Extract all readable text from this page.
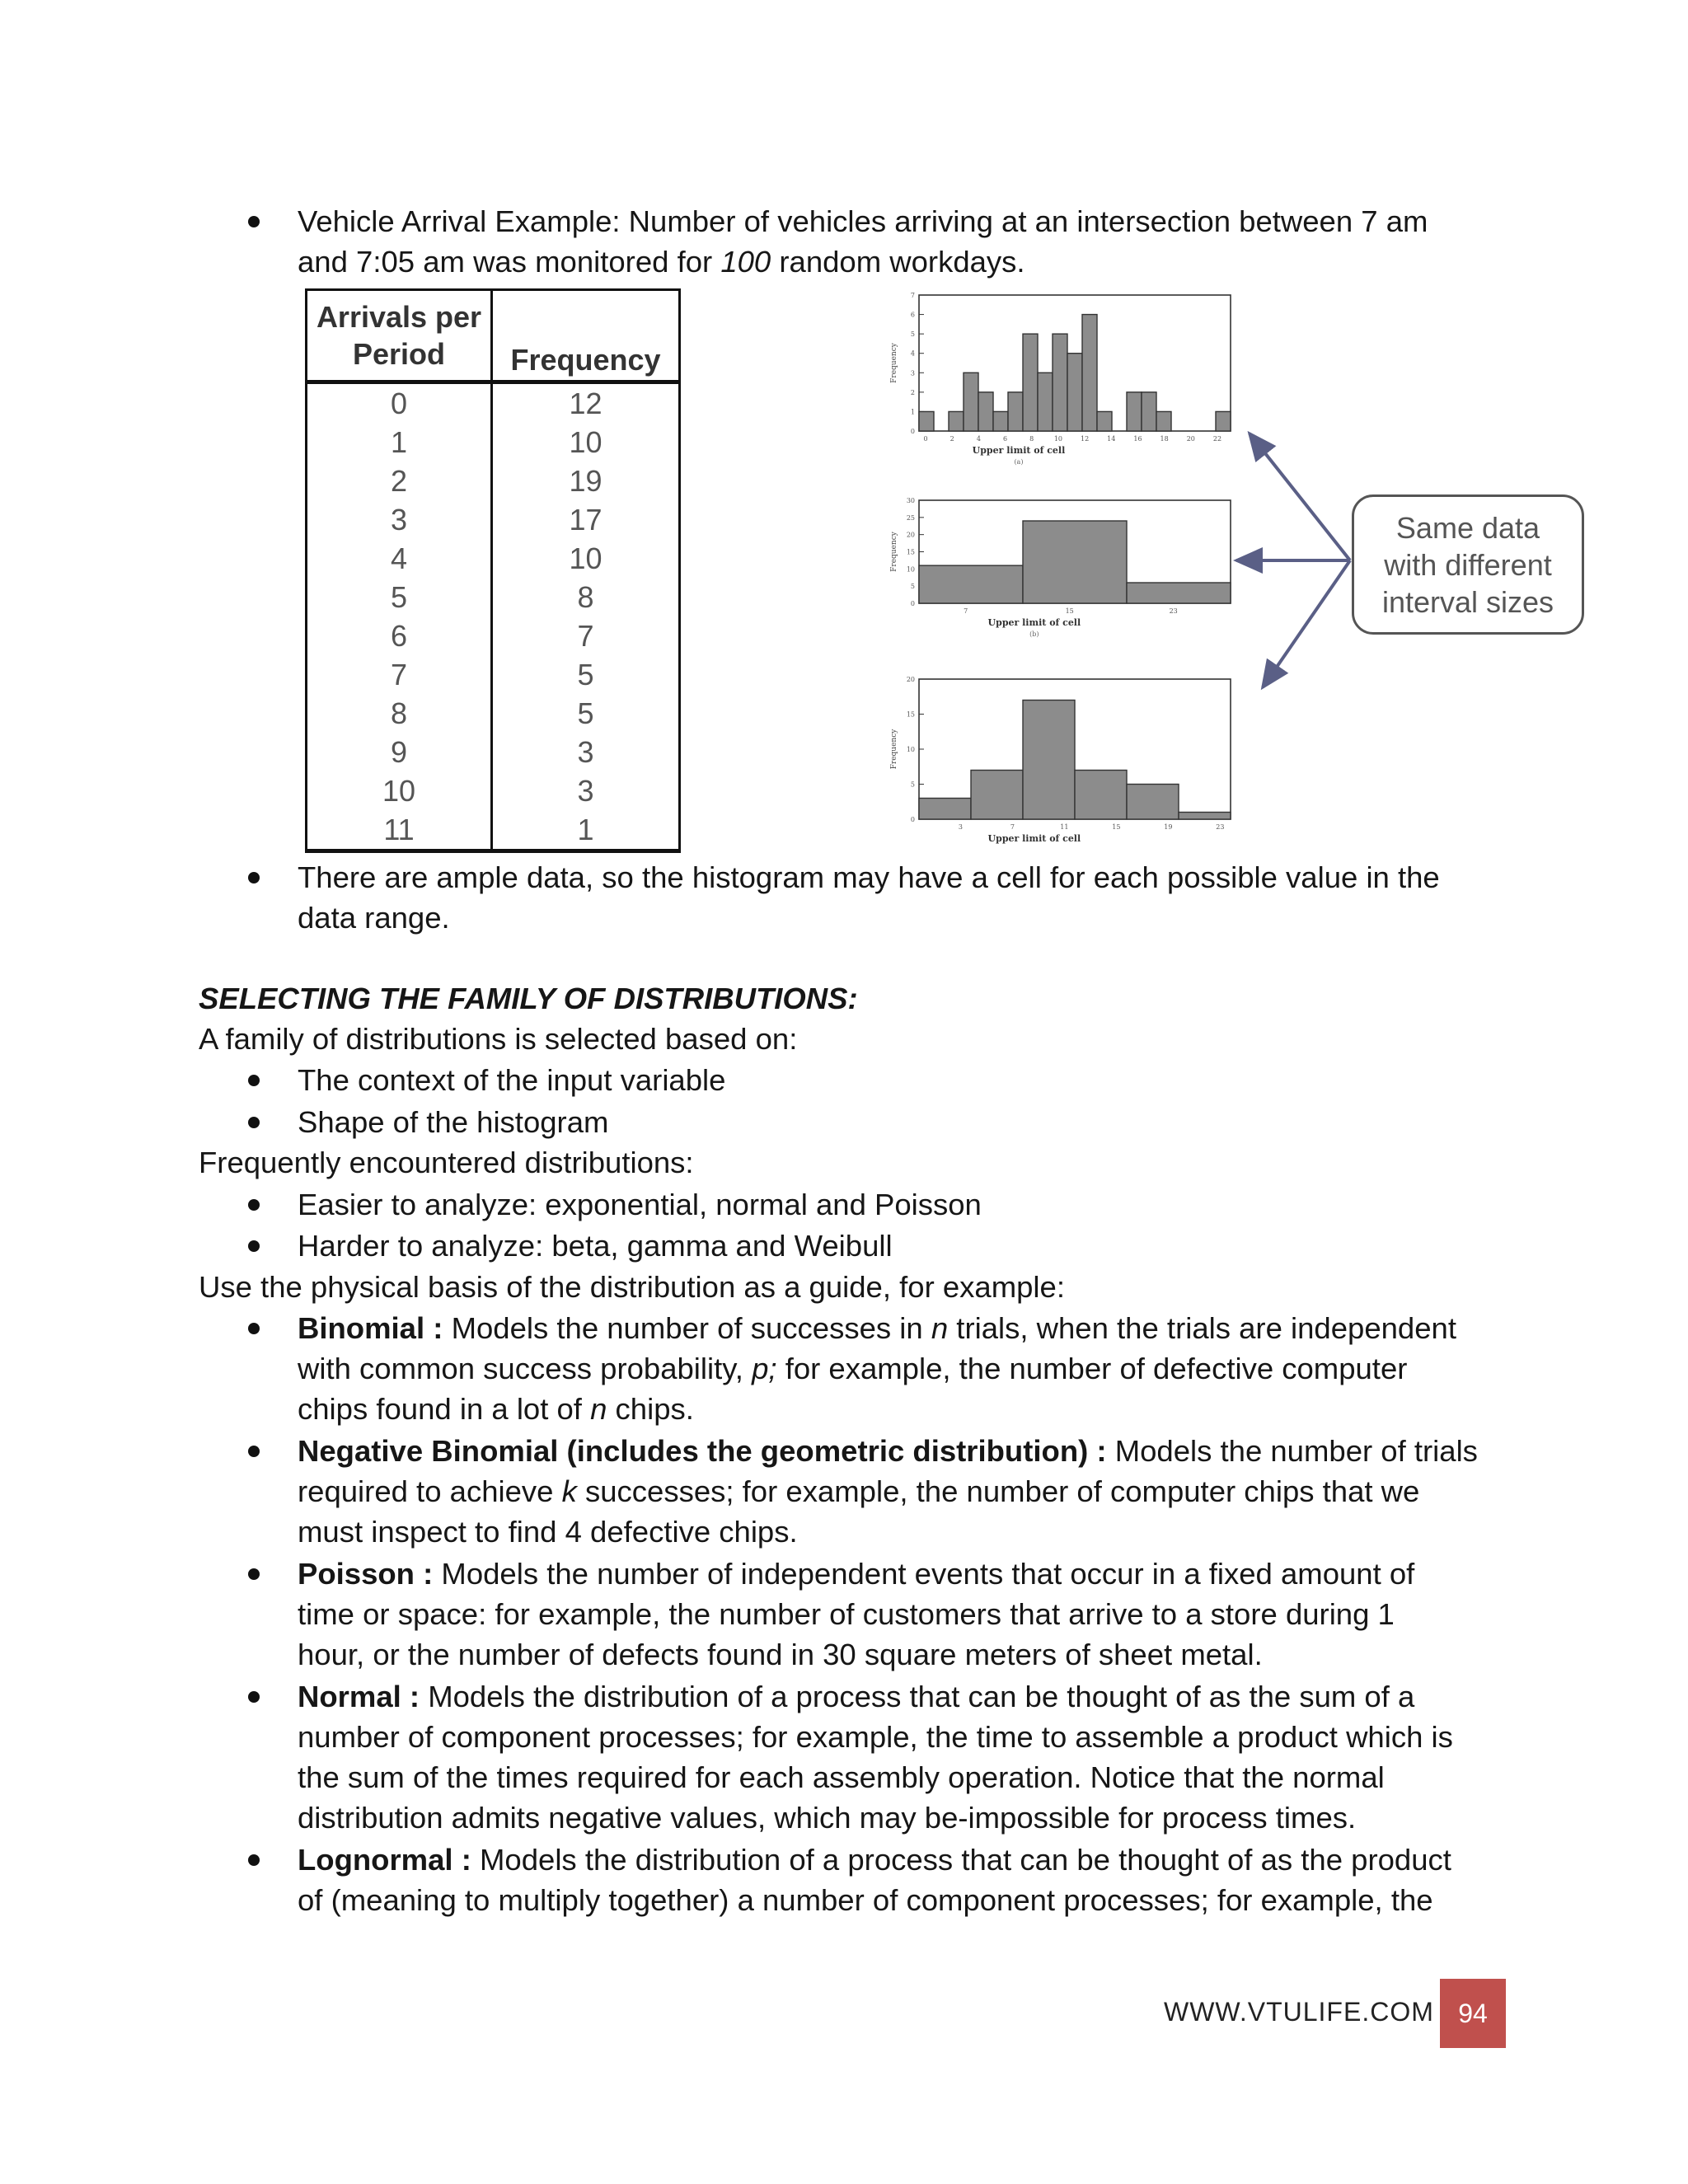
Vehicle Arrival Example: Number of vehicles arriving at an intersection between 7 am
and 7:05 am was monitored for 100 random workdays.
Arrivals per
Period	Frequency
0	12
1	10
2	19
3	17
4	10
5	8
6	7
7	5
8	5
9	3
10	3
11	1
0
1
2
3
4
5
6
7
0	2	4	6	8	10	12	14	16	18	20	22
Upper limit of cell
(a)
Frequency
0
5
10
15
20
25
30
7	15	23
Upper limit of cell
(b)
Frequency
0
5
10
15
20
3	7	11	15	19	23
Upper limit of cell
Frequency
Same data
with different
interval sizes
There are ample data, so the histogram may have a cell for each possible value in the
data range.
SELECTING THE FAMILY OF DISTRIBUTIONS:
A family of distributions is selected based on:
The context of the input variable
Shape of the histogram
Frequently encountered distributions:
Easier to analyze: exponential, normal and Poisson
Harder to analyze: beta, gamma and Weibull
Use the physical basis of the distribution as a guide, for example:
Binomial : Models the number of successes in n trials, when the trials are independent
with common success probability, p; for example, the number of defective computer
chips found in a lot of n chips.
Negative Binomial (includes the geometric distribution) : Models the number of trials
required to achieve k successes; for example, the number of computer chips that we
must inspect to find 4 defective chips.
Poisson : Models the number of independent events that occur in a fixed amount of
time or space: for example, the number of customers that arrive to a store during 1
hour, or the number of defects found in 30 square meters of sheet metal.
Normal : Models the distribution of a process that can be thought of as the sum of a
number of component processes; for example, the time to assemble a product which is
the sum of the times required for each assembly operation. Notice that the normal
distribution admits negative values, which may be-impossible for process times.
Lognormal : Models the distribution of a process that can be thought of as the product
of (meaning to multiply together) a number of component processes; for example, the
WWW.VTULIFE.COM 94
